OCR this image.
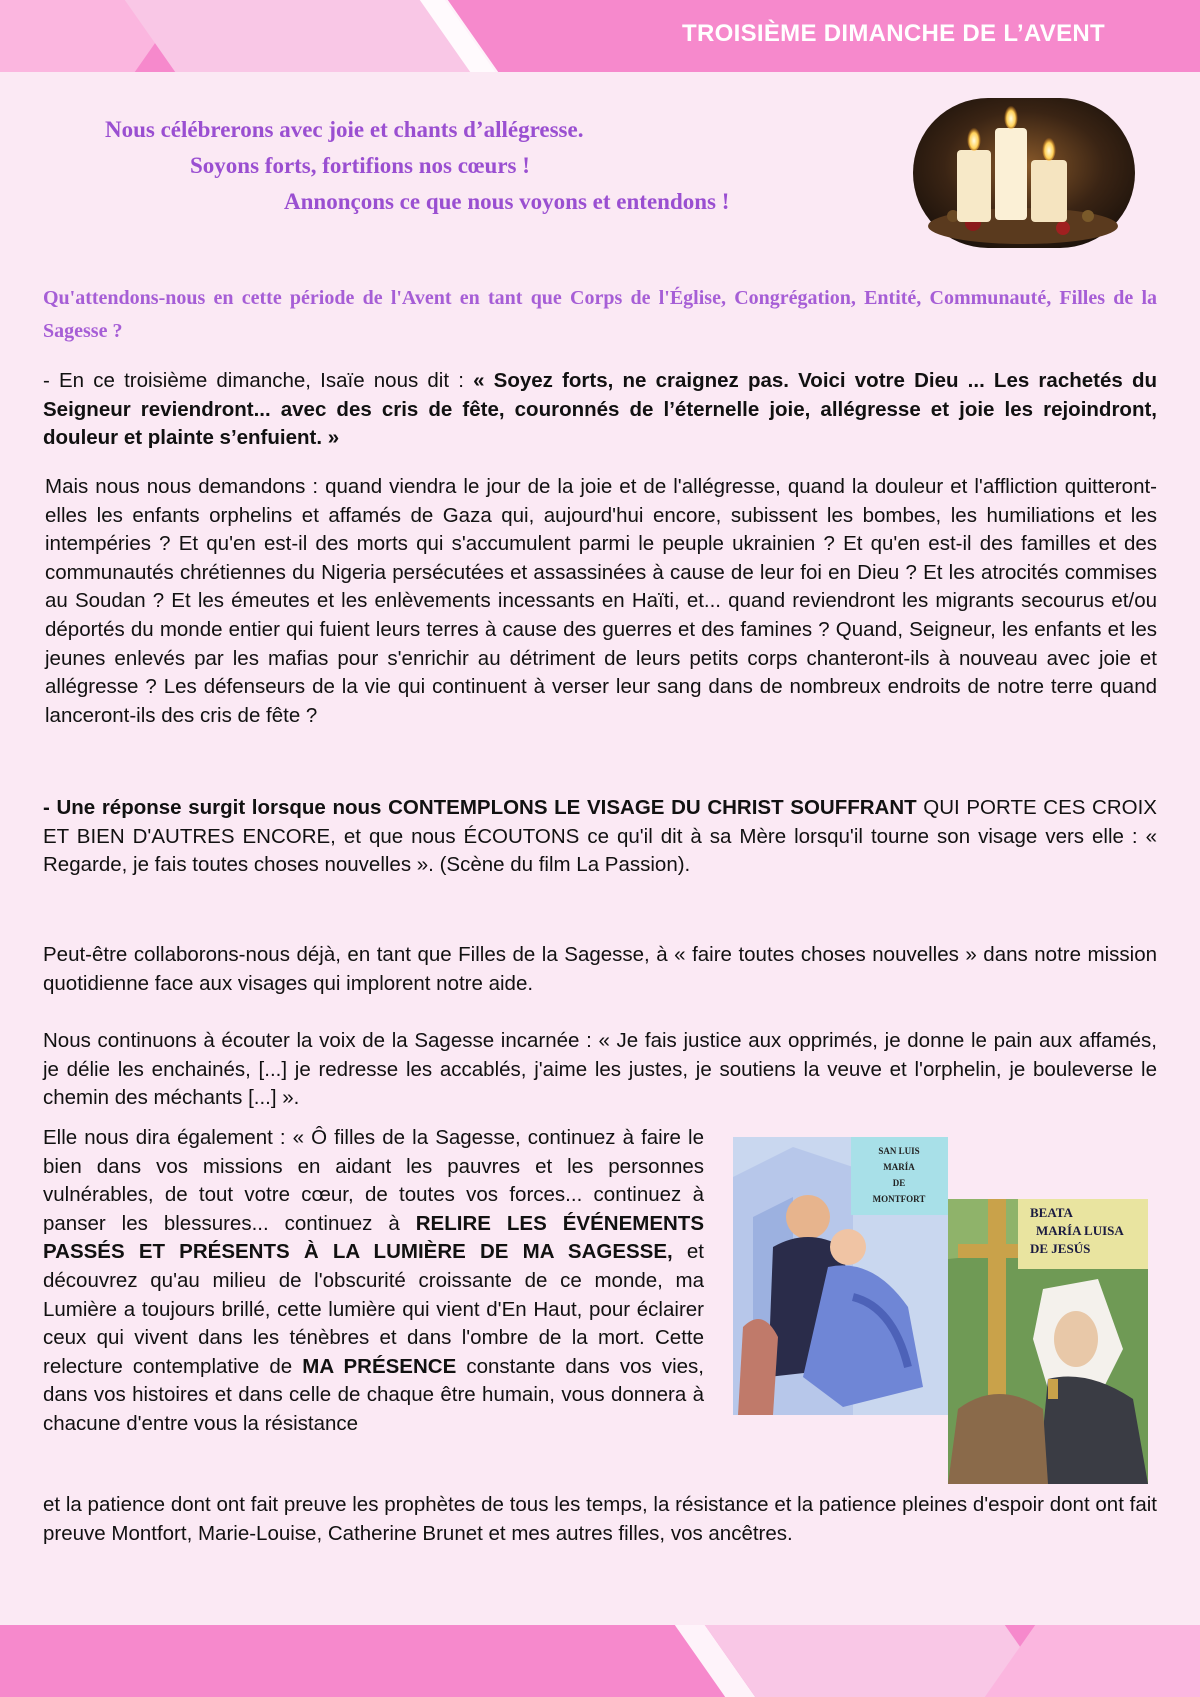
TROISIÈME DIMANCHE DE L’AVENT
Nous célébrerons avec joie et chants d’allégresse.
Soyons forts, fortifions nos cœurs !
Annonçons ce que nous voyons et entendons !
Qu'attendons-nous en cette période de l'Avent en tant que Corps de l'Église, Congrégation, Entité, Communauté, Filles de la Sagesse ?

- En ce troisième dimanche, Isaïe nous dit : « Soyez forts, ne craignez pas. Voici votre Dieu ... Les rachetés du Seigneur reviendront... avec des cris de fête, couronnés de l’éternelle joie, allégresse et joie les rejoindront, douleur et plainte s’enfuient. »

Mais nous nous demandons : quand viendra le jour de la joie et de l'allégresse, quand la douleur et l'affliction quitteront-elles les enfants orphelins et affamés de Gaza qui, aujourd'hui encore, subissent les bombes, les humiliations et les intempéries ? Et qu'en est-il des morts qui s'accumulent parmi le peuple ukrainien ? Et qu'en est-il des familles et des communautés chrétiennes du Nigeria persécutées et assassinées à cause de leur foi en Dieu ? Et les atrocités commises au Soudan ? Et les émeutes et les enlèvements incessants en Haïti, et... quand reviendront les migrants secourus et/ou déportés du monde entier qui fuient leurs terres à cause des guerres et des famines ? Quand, Seigneur, les enfants et les jeunes enlevés par les mafias pour s'enrichir au détriment de leurs petits corps chanteront-ils à nouveau avec joie et allégresse ? Les défenseurs de la vie qui continuent à verser leur sang dans de nombreux endroits de notre terre quand lanceront-ils des cris de fête ?

- Une réponse surgit lorsque nous CONTEMPLONS LE VISAGE DU CHRIST SOUFFRANT QUI PORTE CES CROIX ET BIEN D'AUTRES ENCORE, et que nous ÉCOUTONS ce qu'il dit à sa Mère lorsqu'il tourne son visage vers elle : « Regarde, je fais toutes choses nouvelles ». (Scène du film La Passion).

Peut-être collaborons-nous déjà, en tant que Filles de la Sagesse, à « faire toutes choses nouvelles » dans notre mission quotidienne face aux visages qui implorent notre aide.

Nous continuons à écouter la voix de la Sagesse incarnée : « Je fais justice aux opprimés, je donne le pain aux affamés, je délie les enchainés, [...] je redresse les accablés, j'aime les justes, je soutiens la veuve et l'orphelin, je bouleverse le chemin des méchants [...] ».

Elle nous dira également : « Ô filles de la Sagesse, continuez à faire le bien dans vos missions en aidant les pauvres et les personnes vulnérables, de tout votre cœur, de toutes vos forces... continuez à panser les blessures... continuez à RELIRE LES ÉVÉNEMENTS PASSÉS ET PRÉSENTS À LA LUMIÈRE DE MA SAGESSE, et découvrez qu'au milieu de l'obscurité croissante de ce monde, ma Lumière a toujours brillé, cette lumière qui vient d'En Haut, pour éclairer ceux qui vivent dans les ténèbres et dans l'ombre de la mort. Cette relecture contemplative de MA PRÉSENCE constante dans vos vies, dans vos histoires et dans celle de chaque être humain, vous donnera à chacune d'entre vous la résistance

et la patience dont ont fait preuve les prophètes de tous les temps, la résistance et la patience pleines d'espoir dont ont fait preuve Montfort, Marie-Louise, Catherine Brunet et mes autres filles, vos ancêtres.

SAN LUIS
MARÍA
DE
MONTFORT
BEATA
MARÍA LUISA
DE JESÚS
